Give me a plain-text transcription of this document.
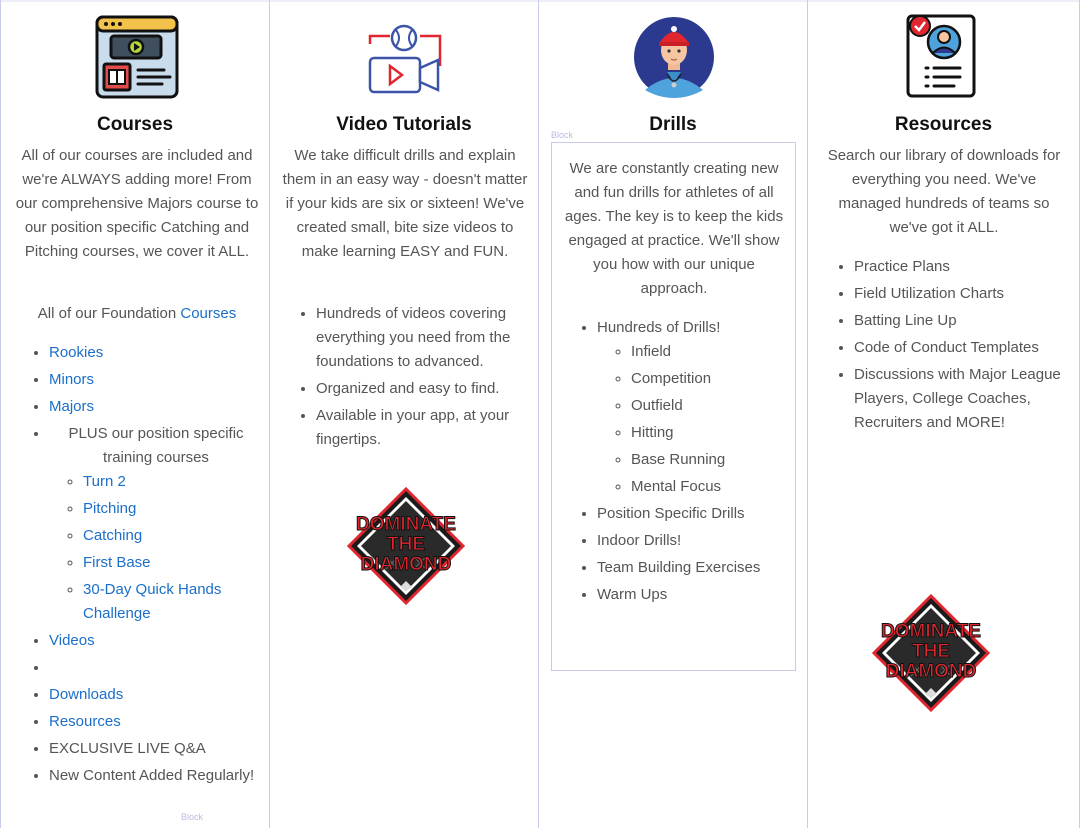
Courses
All of our courses are included and we're ALWAYS adding more! From our comprehensive Majors course to our position specific Catching and Pitching courses, we cover it ALL.
All of our Foundation Courses
• Rookies
• Minors
• Majors
• PLUS our position specific training courses
◦ Turn 2
◦ Pitching
◦ Catching
◦ First Base
◦ 30-Day Quick Hands Challenge
• Videos
•
• Downloads
• Resources
• EXCLUSIVE LIVE Q&A
• New Content Added Regularly!
Block
Video Tutorials
We take difficult drills and explain them in an easy way - doesn't matter if your kids are six or sixteen! We've created small, bite size videos to make learning EASY and FUN.
• Hundreds of videos covering everything you need from the foundations to advanced.
• Organized and easy to find.
• Available in your app, at your fingertips.
DOMINATE
THE
DIAMOND
Drills
Block
We are constantly creating new and fun drills for athletes of all ages. The key is to keep the kids engaged at practice. We'll show you how with our unique approach.
• Hundreds of Drills!
◦ Infield
◦ Competition
◦ Outfield
◦ Hitting
◦ Base Running
◦ Mental Focus
• Position Specific Drills
• Indoor Drills!
• Team Building Exercises
• Warm Ups
Resources
Search our library of downloads for everything you need. We've managed hundreds of teams so we've got it ALL.
• Practice Plans
• Field Utilization Charts
• Batting Line Up
• Code of Conduct Templates
• Discussions with Major League Players, College Coaches, Recruiters and MORE!
DOMINATE
THE
DIAMOND
